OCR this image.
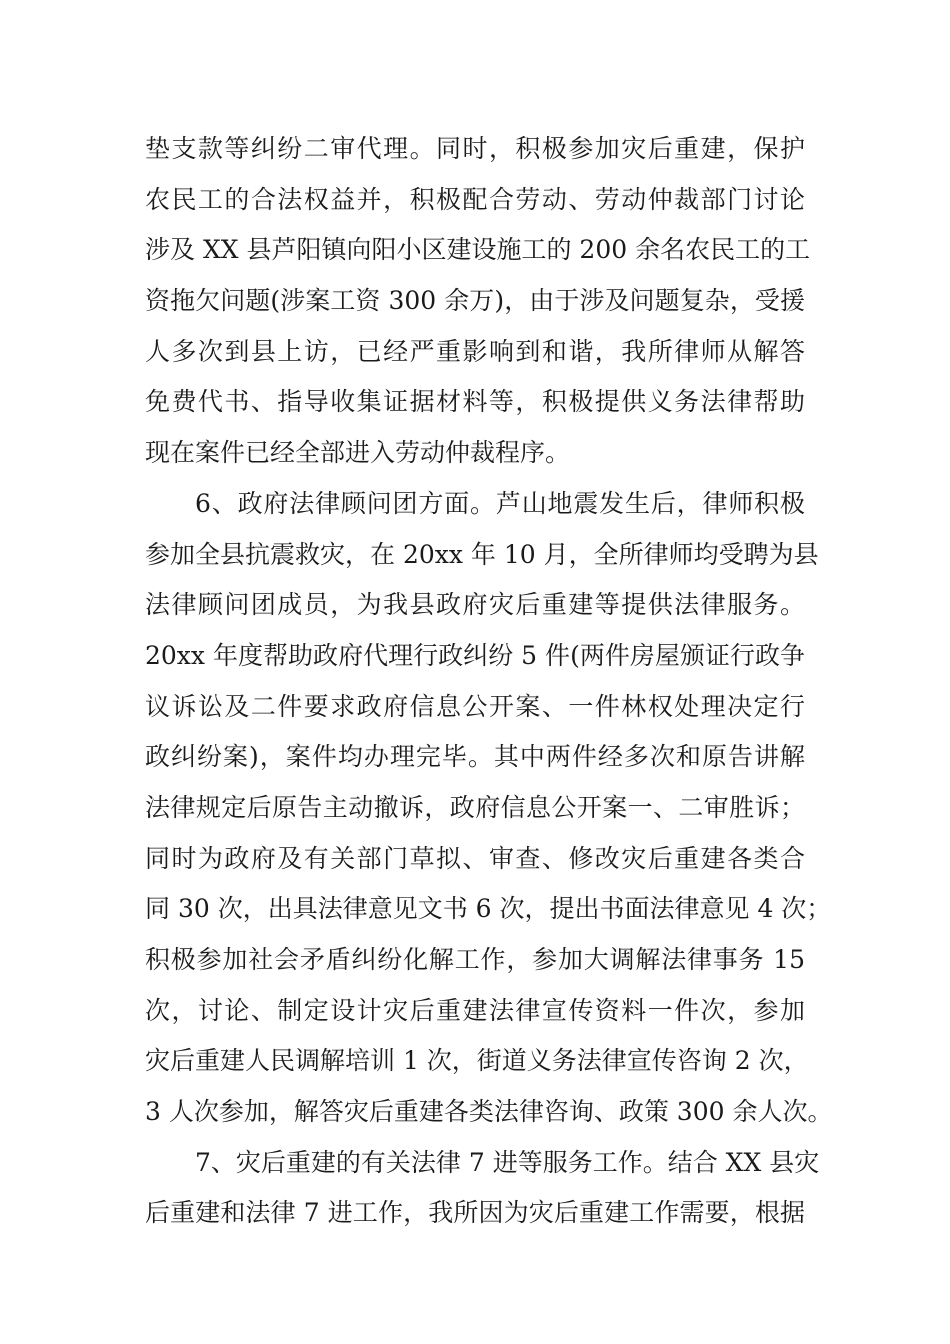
垫支款等纠纷二审代理。同时，积极参加灾后重建，保护
农民工的合法权益并，积极配合劳动、劳动仲裁部门讨论
涉及 XX 县芦阳镇向阳小区建设施工的 200 余名农民工的工
资拖欠问题(涉案工资 300 余万)，由于涉及问题复杂，受援
人多次到县上访，已经严重影响到和谐，我所律师从解答
免费代书、指导收集证据材料等，积极提供义务法律帮助
现在案件已经全部进入劳动仲裁程序。
6、政府法律顾问团方面。芦山地震发生后，律师积极
参加全县抗震救灾，在 20xx 年 10 月，全所律师均受聘为县
法律顾问团成员，为我县政府灾后重建等提供法律服务。
20xx 年度帮助政府代理行政纠纷 5 件(两件房屋颁证行政争
议诉讼及二件要求政府信息公开案、一件林权处理决定行
政纠纷案)，案件均办理完毕。其中两件经多次和原告讲解
法律规定后原告主动撤诉，政府信息公开案一、二审胜诉；
同时为政府及有关部门草拟、审查、修改灾后重建各类合
同 30 次，出具法律意见文书 6 次，提出书面法律意见 4 次；
积极参加社会矛盾纠纷化解工作，参加大调解法律事务 15
次，讨论、制定设计灾后重建法律宣传资料一件次，参加
灾后重建人民调解培训 1 次，街道义务法律宣传咨询 2 次，
3 人次参加，解答灾后重建各类法律咨询、政策 300 余人次。
7、灾后重建的有关法律 7 进等服务工作。结合 XX 县灾
后重建和法律 7 进工作，我所因为灾后重建工作需要，根据
